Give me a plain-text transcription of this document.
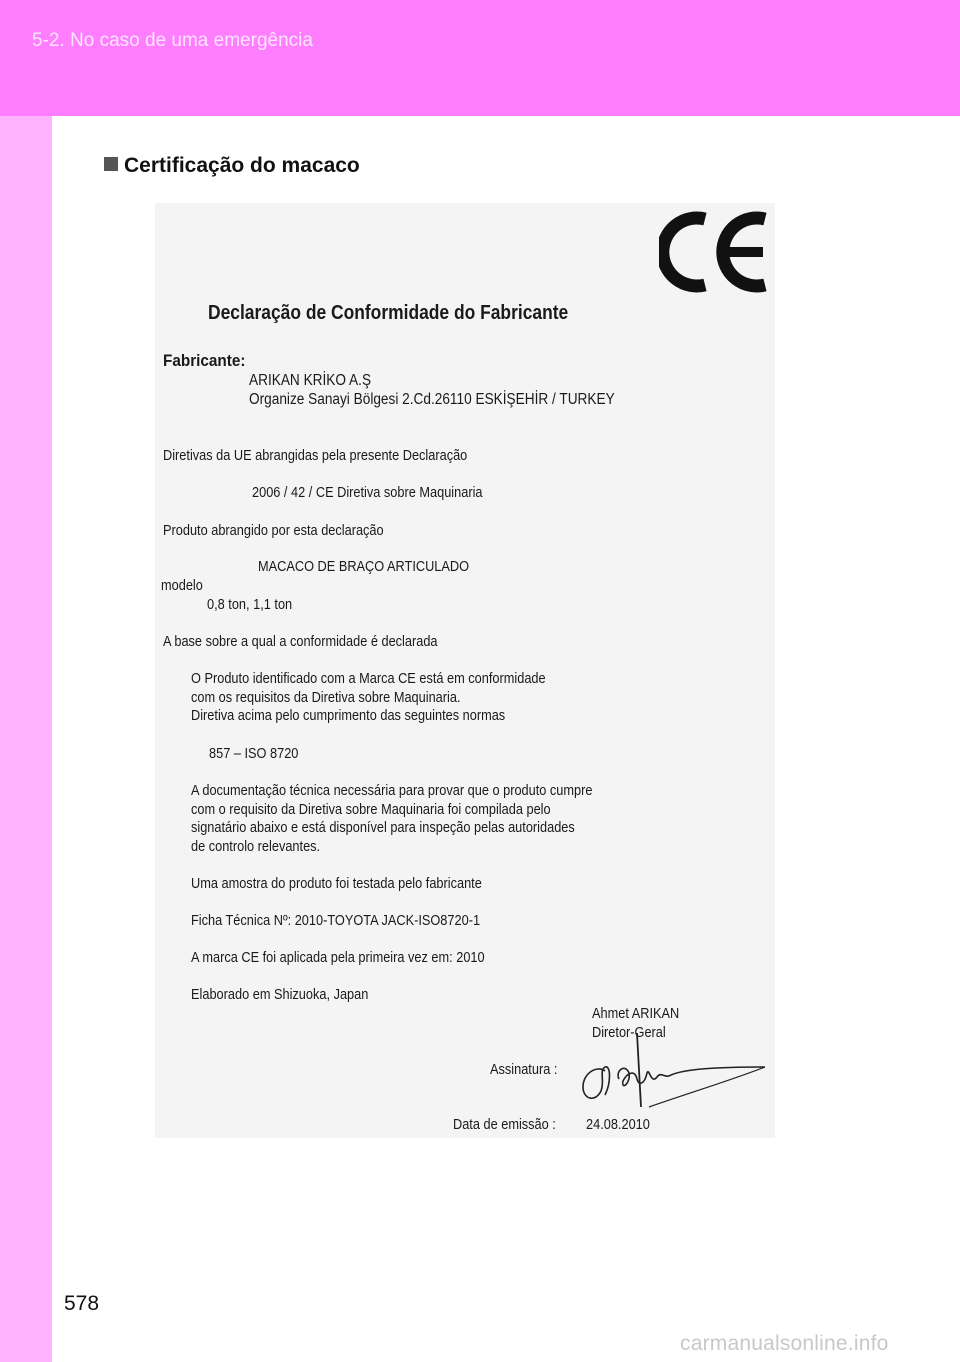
5-2. No caso de uma emergência
578
Certificação do macaco
Declaração de Conformidade do Fabricante
Fabricante:
ARIKAN KRİKO A.Ş
Organize Sanayi Bölgesi 2.Cd.26110 ESKİŞEHİR / TURKEY
Diretivas da UE abrangidas pela presente Declaração
2006 / 42 / CE Diretiva sobre Maquinaria
Produto abrangido por esta declaração
MACACO DE BRAÇO ARTICULADO
modelo
0,8 ton, 1,1 ton
A base sobre a qual a conformidade é declarada
O Produto identificado com a Marca CE está em conformidade
com os requisitos da Diretiva sobre Maquinaria.
Diretiva acima pelo cumprimento das seguintes normas
857 – ISO 8720
A documentação técnica necessária para provar que o produto cumpre
com o requisito da Diretiva sobre Maquinaria foi compilada pelo
signatário abaixo e está disponível para inspeção pelas autoridades
de controlo relevantes.
Uma amostra do produto foi testada pelo fabricante
Ficha Técnica Nº: 2010-TOYOTA JACK-ISO8720-1
A marca CE foi aplicada pela primeira vez em: 2010
Elaborado em Shizuoka, Japan
Ahmet ARIKAN
Diretor-Geral
Assinatura :
Data de emissão : 24.08.2010
carmanualsonline.info
